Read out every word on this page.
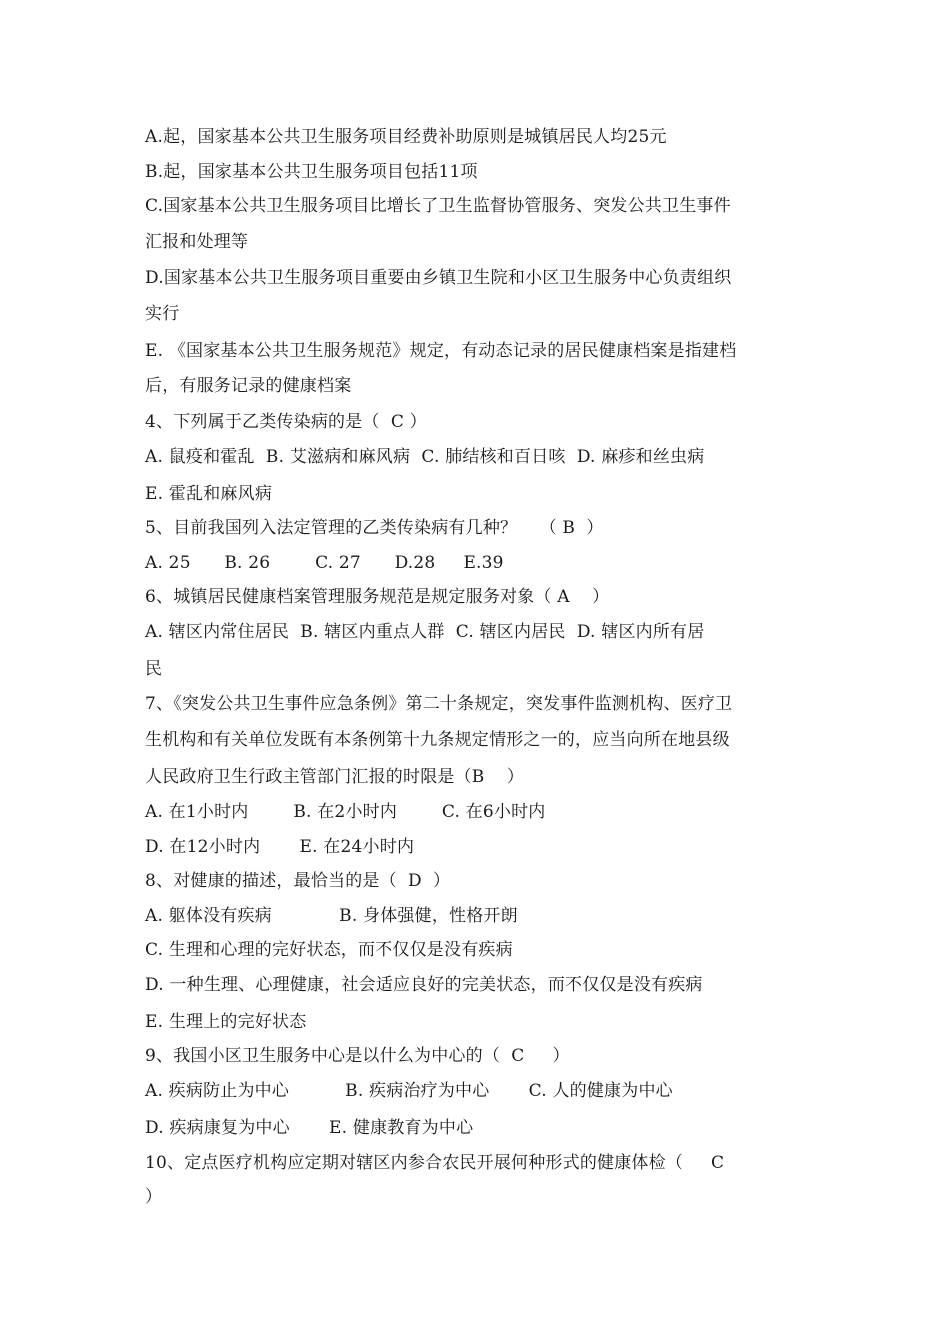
A.起，国家基本公共卫生服务项目经费补助原则是城镇居民人均25元
B.起，国家基本公共卫生服务项目包括11项
C.国家基本公共卫生服务项目比增长了卫生监督协管服务、突发公共卫生事件
汇报和处理等
D.国家基本公共卫生服务项目重要由乡镇卫生院和小区卫生服务中心负责组织
实行
E. 《国家基本公共卫生服务规范》规定，有动态记录的居民健康档案是指建档
后，有服务记录的健康档案
4、下列属于乙类传染病的是（  C ）
A. 鼠疫和霍乱  B. 艾滋病和麻风病  C. 肺结核和百日咳  D. 麻疹和丝虫病
E. 霍乱和麻风病
5、目前我国列入法定管理的乙类传染病有几种？    （ B  ）
A. 25      B. 26        C. 27      D.28     E.39
6、城镇居民健康档案管理服务规范是规定服务对象（ A    ）
A. 辖区内常住居民  B. 辖区内重点人群  C. 辖区内居民  D. 辖区内所有居
民
7、《突发公共卫生事件应急条例》第二十条规定，突发事件监测机构、医疗卫
生机构和有关单位发既有本条例第十九条规定情形之一的，应当向所在地县级
人民政府卫生行政主管部门汇报的时限是（B    ）
A. 在1小时内        B. 在2小时内        C. 在6小时内
D. 在12小时内       E. 在24小时内
8、对健康的描述，最恰当的是（  D  ）
A. 躯体没有疾病            B. 身体强健，性格开朗
C. 生理和心理的完好状态，而不仅仅是没有疾病
D. 一种生理、心理健康，社会适应良好的完美状态，而不仅仅是没有疾病
E. 生理上的完好状态
9、我国小区卫生服务中心是以什么为中心的（  C     ）
A. 疾病防止为中心          B. 疾病治疗为中心       C. 人的健康为中心
D. 疾病康复为中心       E. 健康教育为中心
10、定点医疗机构应定期对辖区内参合农民开展何种形式的健康体检（     C
）
